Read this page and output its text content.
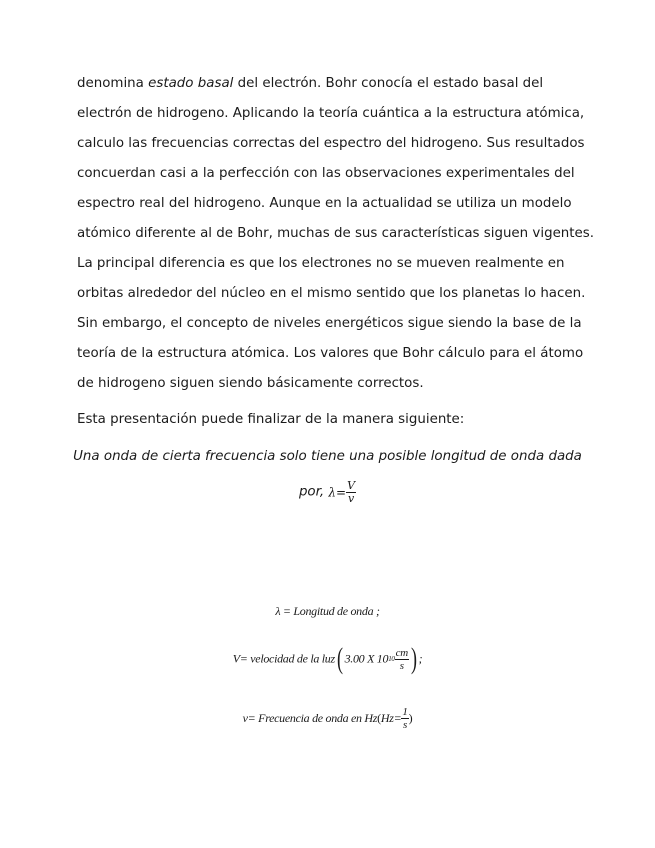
denomina estado basal del electrón. Bohr conocía el estado basal del
electrón de hidrogeno. Aplicando la teoría cuántica a la estructura atómica,
calculo las frecuencias correctas del espectro del hidrogeno. Sus resultados
concuerdan casi a la perfección con las observaciones experimentales del
espectro real del hidrogeno. Aunque en la actualidad se utiliza un modelo
atómico diferente al de Bohr, muchas de sus características siguen vigentes.
La principal diferencia es que los electrones no se mueven realmente en
orbitas alrededor del núcleo en el mismo sentido que los planetas lo hacen.
Sin embargo, el concepto de niveles energéticos sigue siendo la base de la
teoría de la estructura atómica. Los valores que Bohr cálculo para el átomo
de hidrogeno siguen siendo básicamente correctos.
Esta presentación puede finalizar de la manera siguiente:
Una onda de cierta frecuencia solo tiene una posible longitud de onda dada
por, $\lambda= \frac{V}{v}$
λ = Longitud de onda ;
V= velocidad de la luz( 3.00 X $1010 \frac{cm}{s}$ ) ;
v= Frecuencia de onda en $Hz(Hz= \frac{1}{s}$ )
